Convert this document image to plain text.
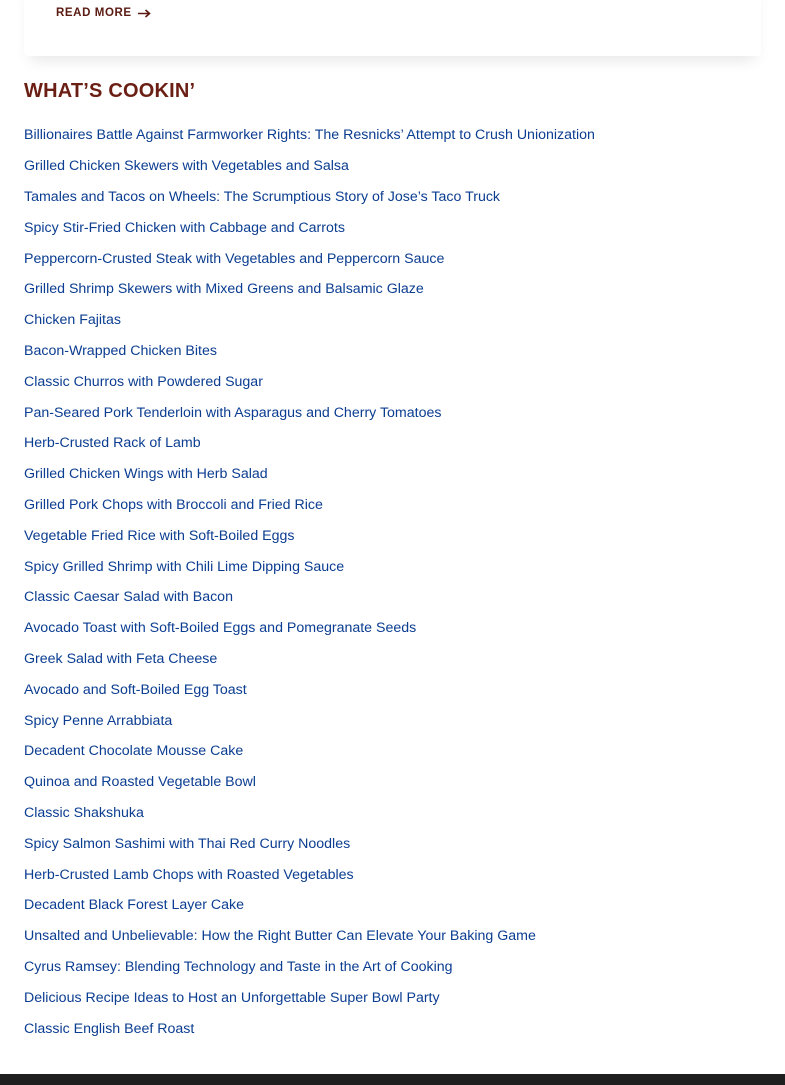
READ MORE
WHAT’S COOKIN’
Billionaires Battle Against Farmworker Rights: The Resnicks’ Attempt to Crush Unionization
Grilled Chicken Skewers with Vegetables and Salsa
Tamales and Tacos on Wheels: The Scrumptious Story of Jose’s Taco Truck
Spicy Stir-Fried Chicken with Cabbage and Carrots
Peppercorn-Crusted Steak with Vegetables and Peppercorn Sauce
Grilled Shrimp Skewers with Mixed Greens and Balsamic Glaze
Chicken Fajitas
Bacon-Wrapped Chicken Bites
Classic Churros with Powdered Sugar
Pan-Seared Pork Tenderloin with Asparagus and Cherry Tomatoes
Herb-Crusted Rack of Lamb
Grilled Chicken Wings with Herb Salad
Grilled Pork Chops with Broccoli and Fried Rice
Vegetable Fried Rice with Soft-Boiled Eggs
Spicy Grilled Shrimp with Chili Lime Dipping Sauce
Classic Caesar Salad with Bacon
Avocado Toast with Soft-Boiled Eggs and Pomegranate Seeds
Greek Salad with Feta Cheese
Avocado and Soft-Boiled Egg Toast
Spicy Penne Arrabbiata
Decadent Chocolate Mousse Cake
Quinoa and Roasted Vegetable Bowl
Classic Shakshuka
Spicy Salmon Sashimi with Thai Red Curry Noodles
Herb-Crusted Lamb Chops with Roasted Vegetables
Decadent Black Forest Layer Cake
Unsalted and Unbelievable: How the Right Butter Can Elevate Your Baking Game
Cyrus Ramsey: Blending Technology and Taste in the Art of Cooking
Delicious Recipe Ideas to Host an Unforgettable Super Bowl Party
Classic English Beef Roast
